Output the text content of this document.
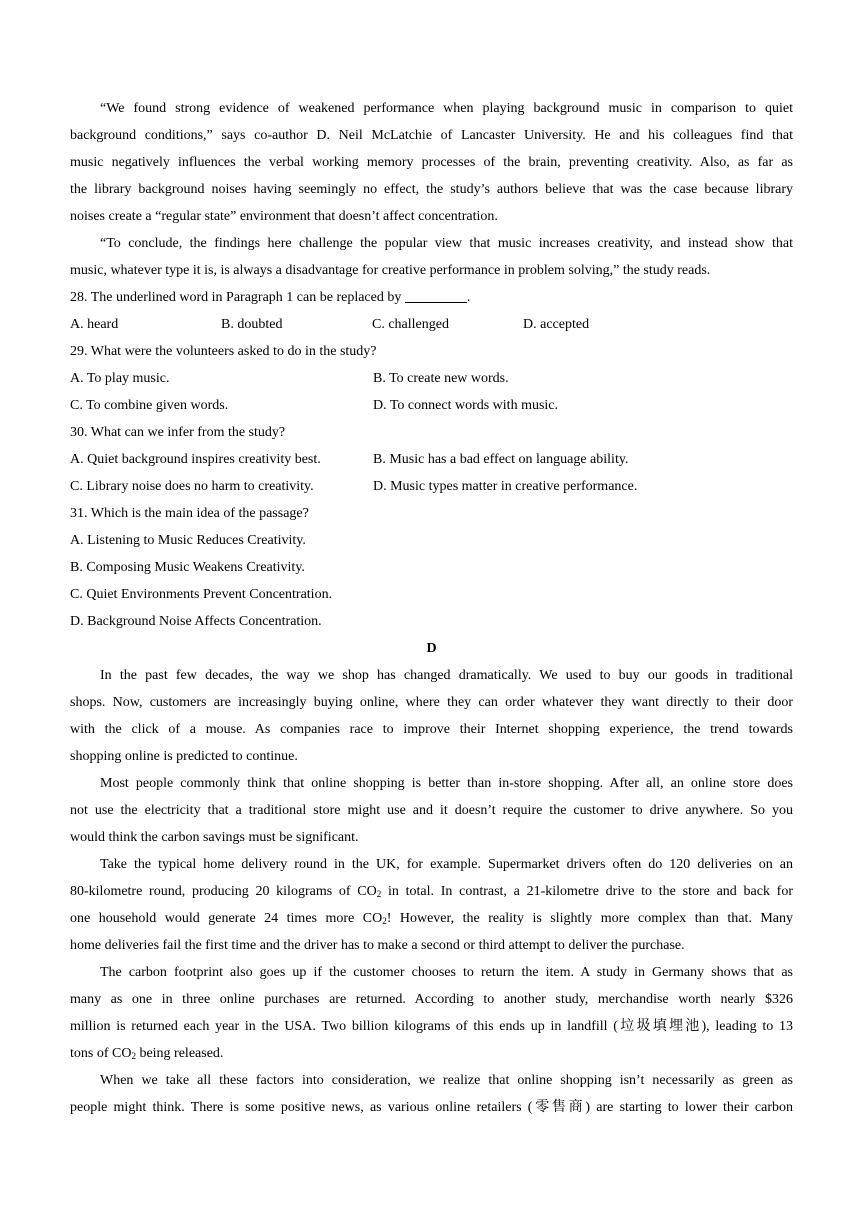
“We found strong evidence of weakened performance when playing background music in comparison to quiet
background conditions,” says co-author D. Neil McLatchie of Lancaster University. He and his colleagues find that
music negatively influences the verbal working memory processes of the brain, preventing creativity. Also, as far as
the library background noises having seemingly no effect, the study’s authors believe that was the case because library
noises create a “regular state” environment that doesn’t affect concentration.
“To conclude, the findings here challenge the popular view that music increases creativity, and instead show that
music, whatever type it is, is always a disadvantage for creative performance in problem solving,” the study reads.
28. The underlined word in Paragraph 1 can be replaced by	.
A. heard	B. doubted	C. challenged	D. accepted
29. What were the volunteers asked to do in the study?
A. To play music.	B. To create new words.
C. To combine given words.	D. To connect words with music.
30. What can we infer from the study?
A. Quiet background inspires creativity best.	B. Music has a bad effect on language ability.
C. Library noise does no harm to creativity.	D. Music types matter in creative performance.
31. Which is the main idea of the passage?
A. Listening to Music Reduces Creativity.
B. Composing Music Weakens Creativity.
C. Quiet Environments Prevent Concentration.
D. Background Noise Affects Concentration.
D
In the past few decades, the way we shop has changed dramatically. We used to buy our goods in traditional
shops. Now, customers are increasingly buying online, where they can order whatever they want directly to their door
with the click of a mouse. As companies race to improve their Internet shopping experience, the trend towards
shopping online is predicted to continue.
Most people commonly think that online shopping is better than in-store shopping. After all, an online store does
not use the electricity that a traditional store might use and it doesn’t require the customer to drive anywhere. So you
would think the carbon savings must be significant.
Take the typical home delivery round in the UK, for example. Supermarket drivers often do 120 deliveries on an
80-kilometre round, producing 20 kilograms of $CO_2$ in total. In contrast, a 21-kilometre drive to the store and back for
one household would generate 24 times more $CO_2$! However, the reality is slightly more complex than that. Many
home deliveries fail the first time and the driver has to make a second or third attempt to deliver the purchase.
The carbon footprint also goes up if the customer chooses to return the item. A study in Germany shows that as
many as one in three online purchases are returned. According to another study, merchandise worth nearly $326
million is returned each year in the USA. Two billion kilograms of this ends up in landfill (垃圾填埋池), leading to 13
tons of $CO_2$ being released.
When we take all these factors into consideration, we realize that online shopping isn’t necessarily as green as
people might think. There is some positive news, as various online retailers (零售商) are starting to lower their carbon
